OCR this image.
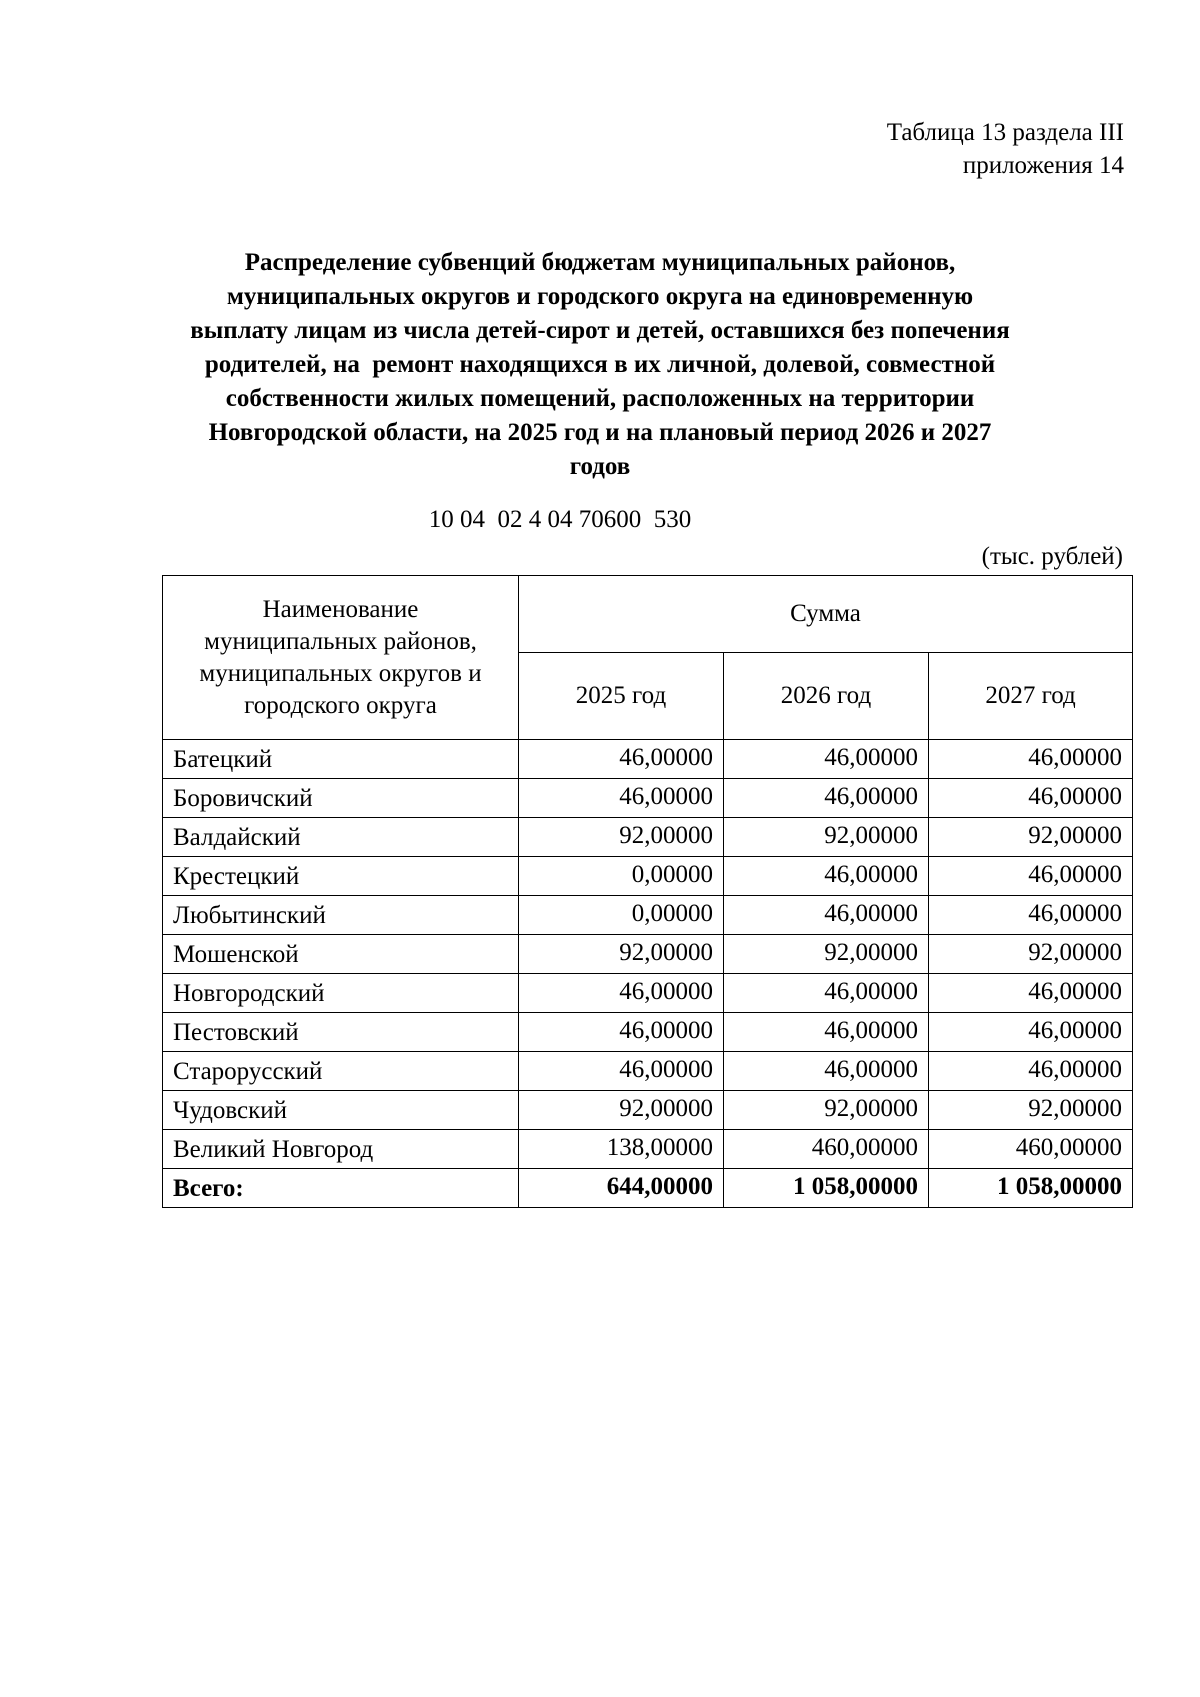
Таблица 13 раздела III
приложения 14
Распределение субвенций бюджетам муниципальных районов,
муниципальных округов и городского округа на единовременную
выплату лицам из числа детей-сирот и детей, оставшихся без попечения
родителей, на  ремонт находящихся в их личной, долевой, совместной
собственности жилых помещений, расположенных на территории
Новгородской области, на 2025 год и на плановый период 2026 и 2027
годов
10 04  02 4 04 70600  530
(тыс. рублей)
Наименование муниципальных районов, муниципальных округов и городского округа	Сумма		
	2025 год	2026 год	2027 год
Батецкий	46,00000	46,00000	46,00000
Боровичский	46,00000	46,00000	46,00000
Валдайский	92,00000	92,00000	92,00000
Крестецкий	0,00000	46,00000	46,00000
Любытинский	0,00000	46,00000	46,00000
Мошенской	92,00000	92,00000	92,00000
Новгородский	46,00000	46,00000	46,00000
Пестовский	46,00000	46,00000	46,00000
Старорусский	46,00000	46,00000	46,00000
Чудовский	92,00000	92,00000	92,00000
Великий Новгород	138,00000	460,00000	460,00000
Всего:	644,00000	1 058,00000	1 058,00000
